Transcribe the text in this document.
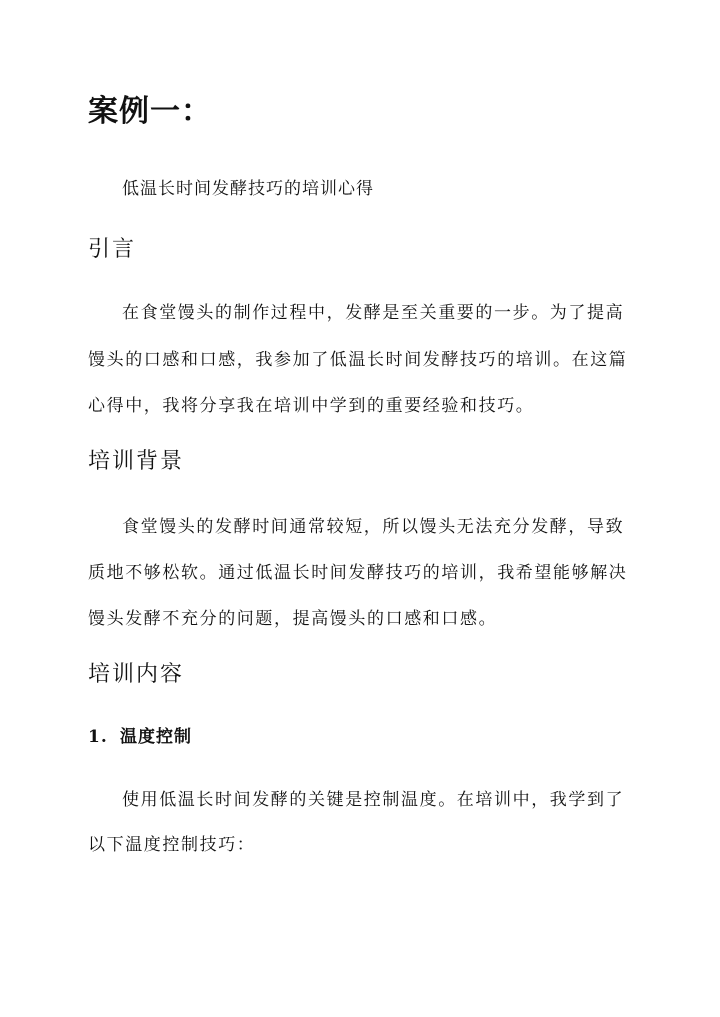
案例一：

低温长时间发酵技巧的培训心得

引言

在食堂馒头的制作过程中，发酵是至关重要的一步。为了提高

馒头的口感和口感，我参加了低温长时间发酵技巧的培训。在这篇

心得中，我将分享我在培训中学到的重要经验和技巧。

培训背景

食堂馒头的发酵时间通常较短，所以馒头无法充分发酵，导致

质地不够松软。通过低温长时间发酵技巧的培训，我希望能够解决

馒头发酵不充分的问题，提高馒头的口感和口感。

培训内容
1. 温度控制

使用低温长时间发酵的关键是控制温度。在培训中，我学到了

以下温度控制技巧：
